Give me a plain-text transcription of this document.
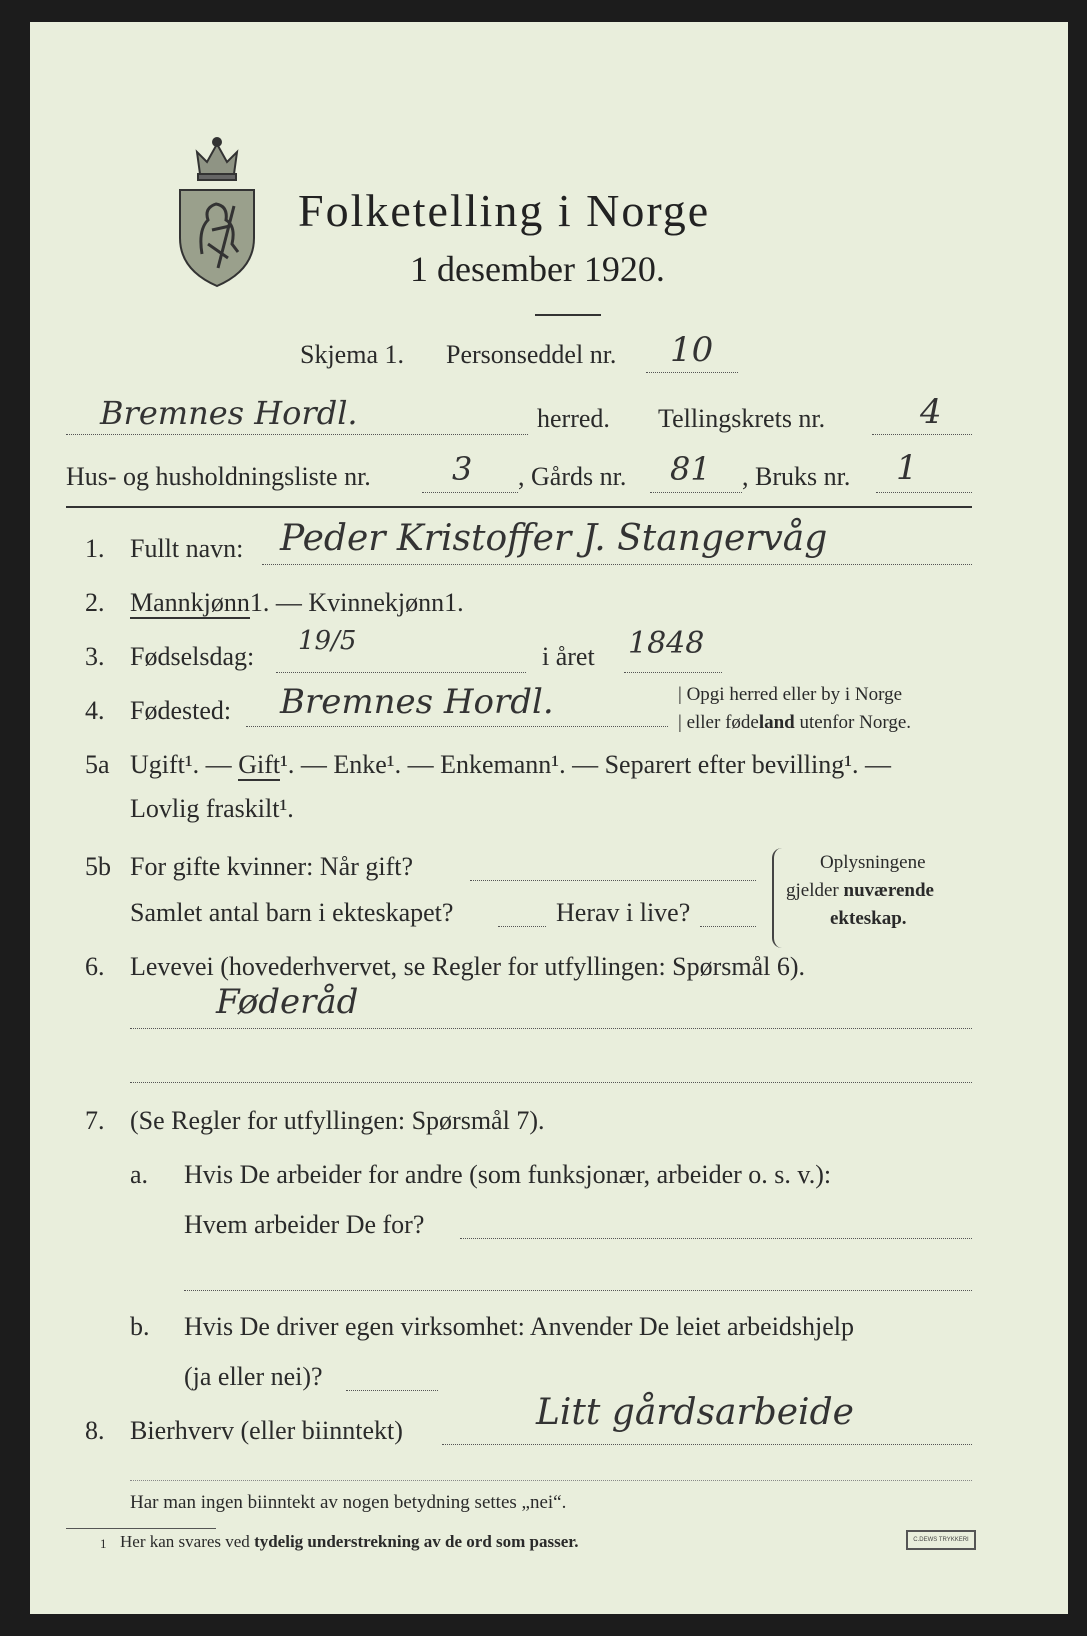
Folketelling i Norge
1 desember 1920.
Skjema 1. Personseddel nr. 10
Bremnes Hordl.	herred. Tellingskrets nr.	4
Hus- og husholdningsliste nr.	3 , Gårds nr. 81 , Bruks nr. 1
1. Fullt navn: Peder Kristoffer J. Stangervåg
2. Mannkjønn1. — Kvinnekjønn1.
3. Fødselsdag:
19/5
i året 1848
4. Fødested: Bremnes Hordl.	| Opgi herred eller by i Norge
| eller fødeland utenfor Norge.
5a Ugift¹. — Gift¹. — Enke¹. — Enkemann¹. — Separert efter bevilling¹. —
Lovlig fraskilt¹.
5b For gifte kvinner: Når gift?
Samlet antal barn i ekteskapet?	Herav i live?
Oplysningene
gjelder nuværende
ekteskap.
6. Levevei (hovederhvervet, se Regler for utfyllingen: Spørsmål 6).
Føderåd
7. (Se Regler for utfyllingen: Spørsmål 7).
a. Hvis De arbeider for andre (som funksjonær, arbeider o. s. v.):
Hvem arbeider De for?
b. Hvis De driver egen virksomhet: Anvender De leiet arbeidshjelp
(ja eller nei)?
8. Bierhverv (eller biinntekt)	Litt gårdsarbeide
Har man ingen biinntekt av nogen betydning settes „nei“.
1 Her kan svares ved tydelig understrekning av de ord som passer.	C.DEWS TRYKKERI
